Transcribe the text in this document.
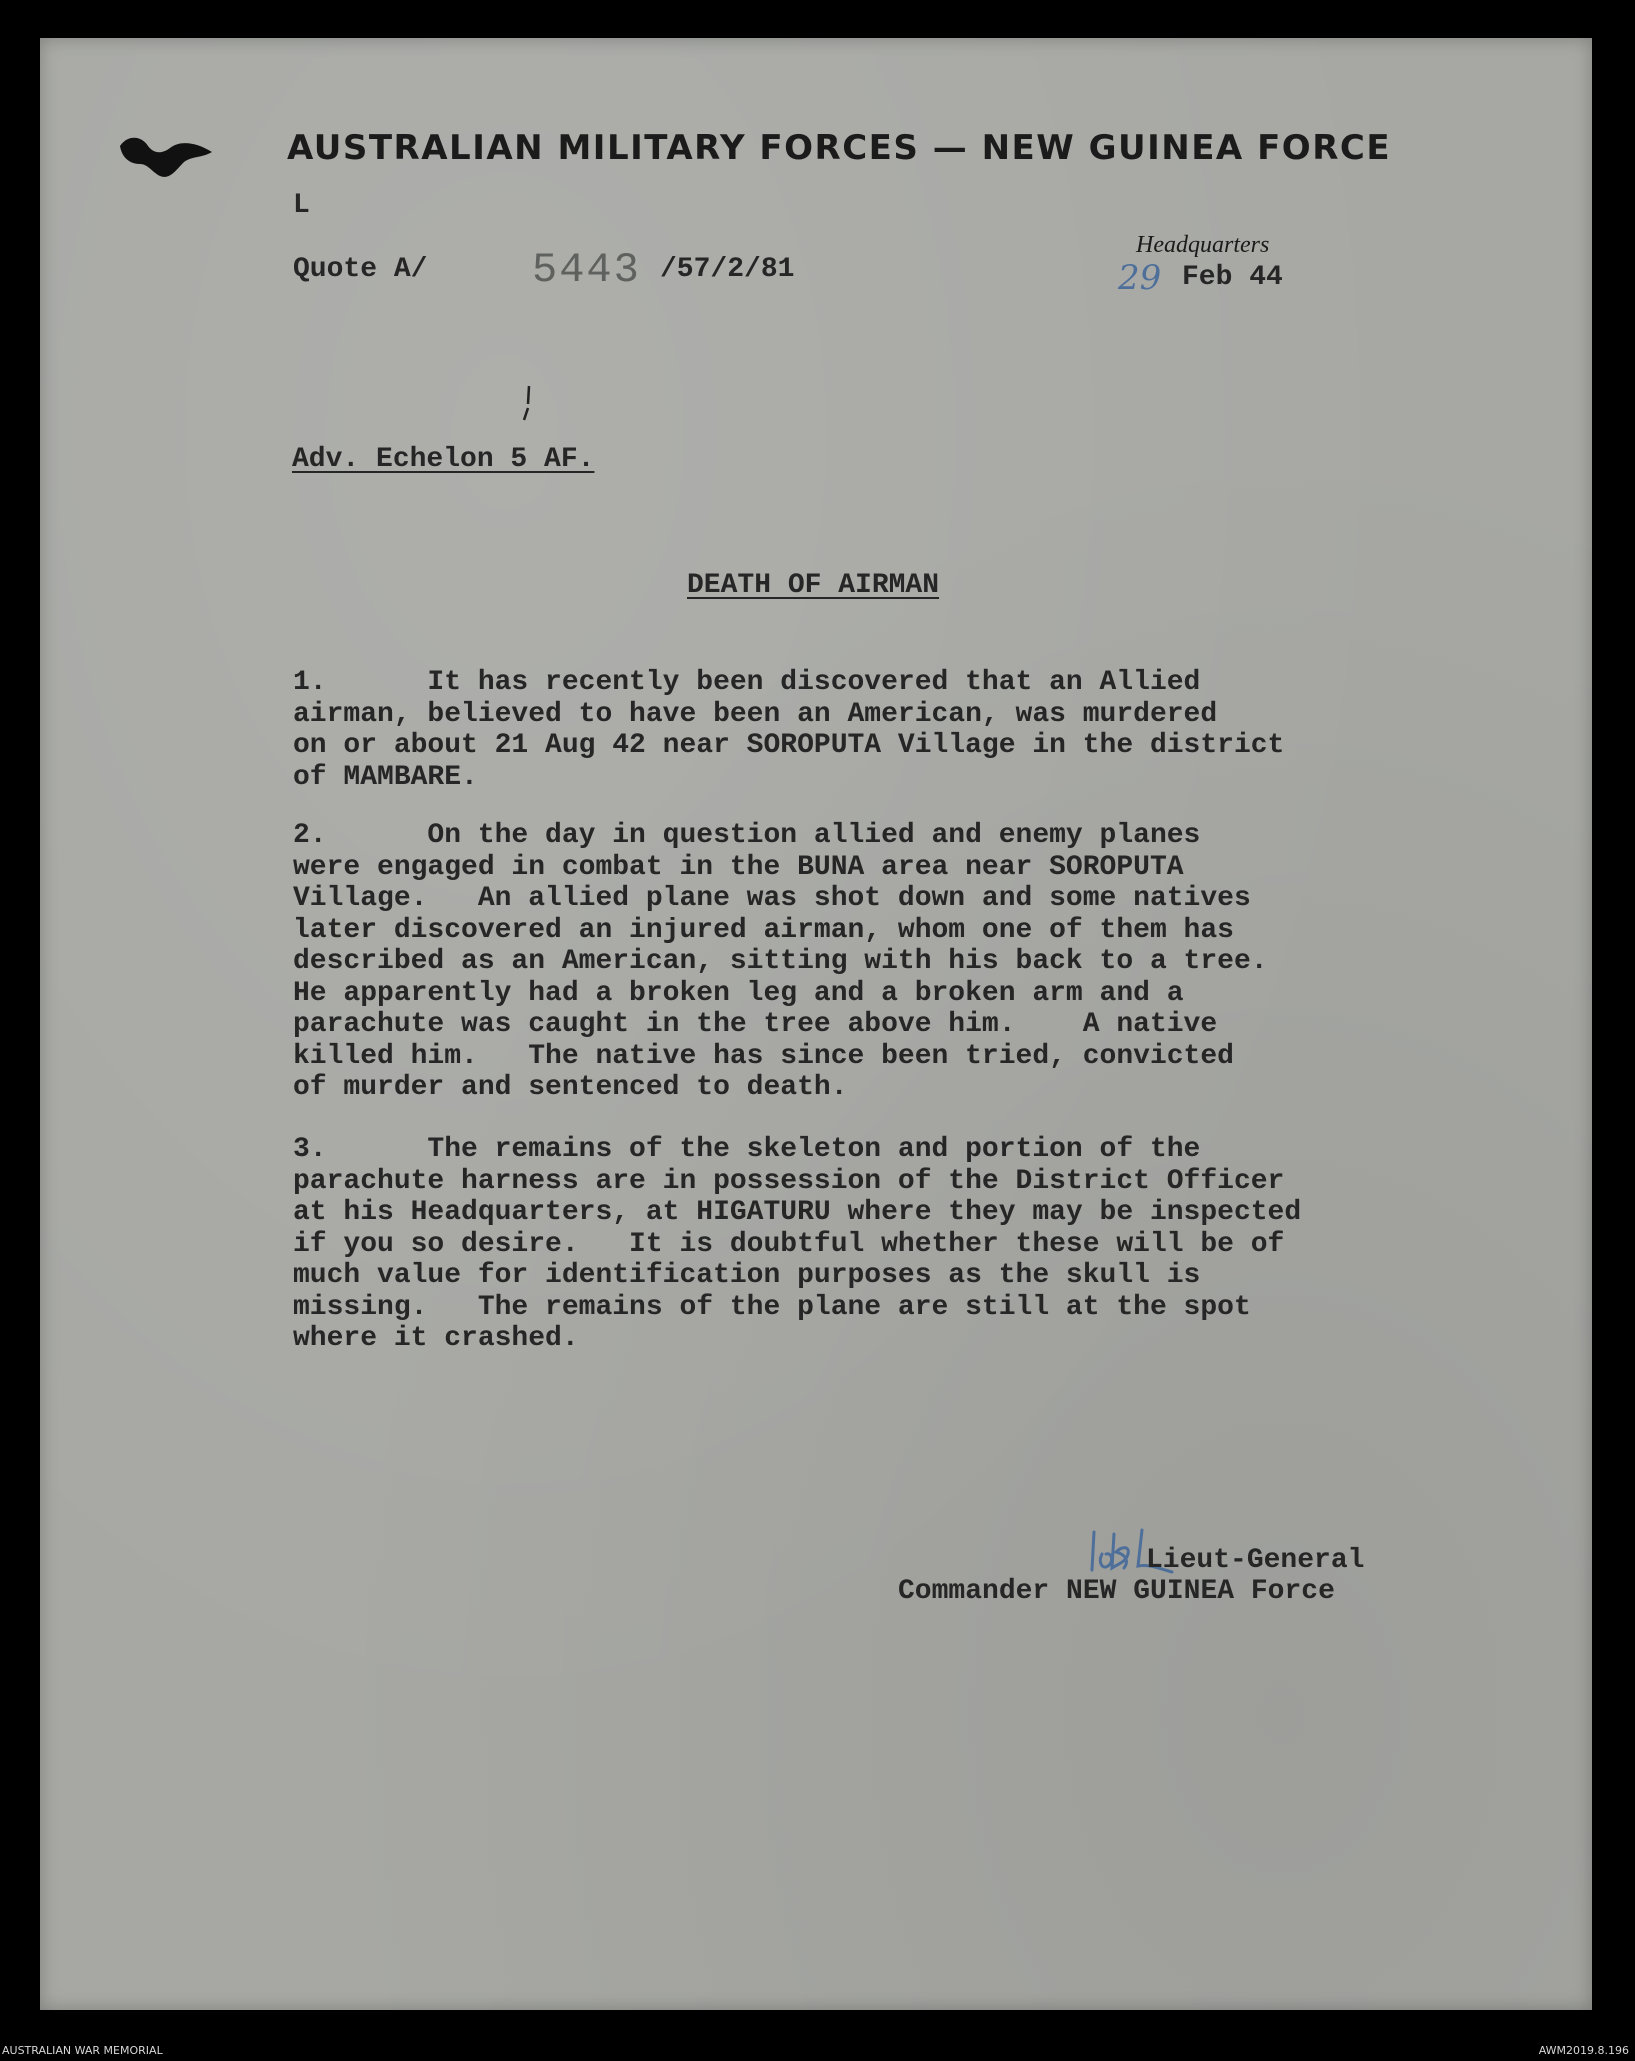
AUSTRALIAN MILITARY FORCES — NEW GUINEA FORCE
L
Quote A/ 5443 /57/2/81
Headquarters
29 Feb 44
Adv. Echelon 5 AF.
DEATH OF AIRMAN
1.      It has recently been discovered that an Allied
airman, believed to have been an American, was murdered
on or about 21 Aug 42 near SOROPUTA Village in the district
of MAMBARE.
2.      On the day in question allied and enemy planes
were engaged in combat in the BUNA area near SOROPUTA
Village.   An allied plane was shot down and some natives
later discovered an injured airman, whom one of them has
described as an American, sitting with his back to a tree.
He apparently had a broken leg and a broken arm and a
parachute was caught in the tree above him.    A native
killed him.   The native has since been tried, convicted
of murder and sentenced to death.
3.      The remains of the skeleton and portion of the
parachute harness are in possession of the District Officer
at his Headquarters, at HIGATURU where they may be inspected
if you so desire.   It is doubtful whether these will be of
much value for identification purposes as the skull is
missing.   The remains of the plane are still at the spot
where it crashed.
Lieut-General
Commander NEW GUINEA Force
AUSTRALIAN WAR MEMORIAL	AWM2019.8.196
